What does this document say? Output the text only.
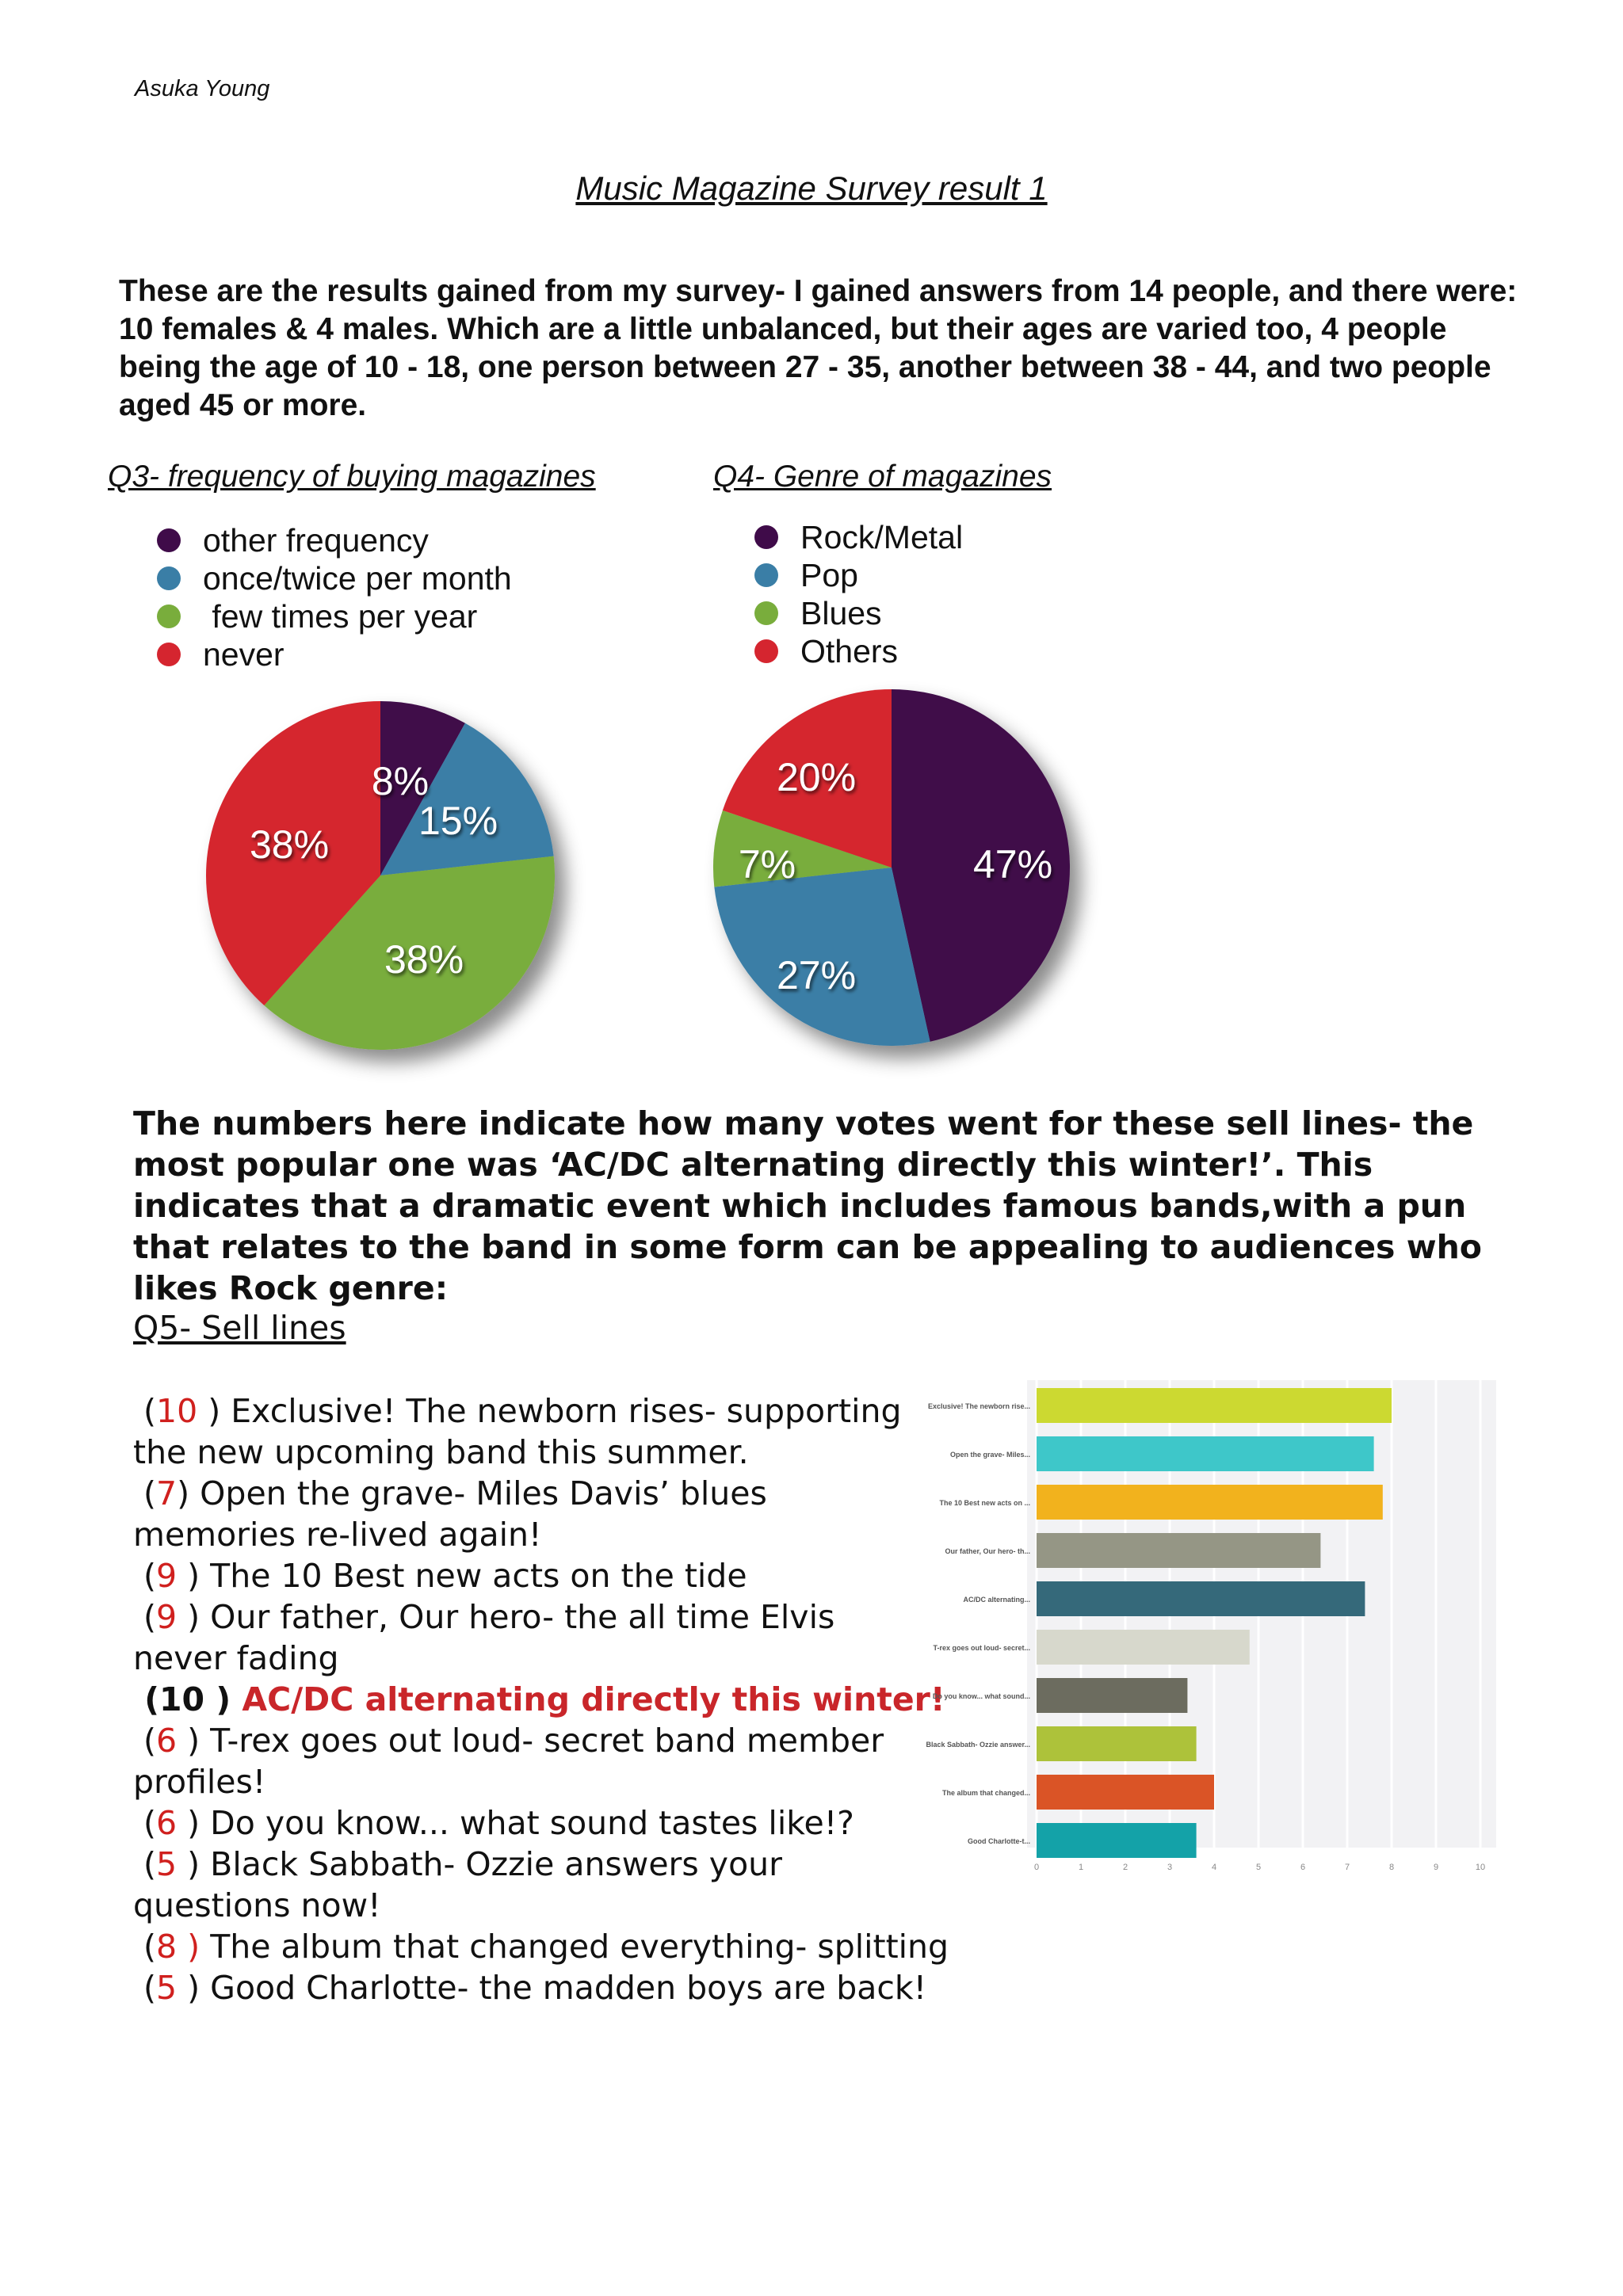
Asuka Young
Music Magazine Survey result 1
These are the results gained from my survey- I gained answers from 14 people, and there were: 10 females & 4 males. Which are a little unbalanced, but their ages are varied too, 4 people being the age of 10 - 18, one person between 27 - 35, another between 38 - 44, and two people aged 45 or more.
Q3- frequency of buying magazines
other frequency
once/twice per month
few times per year
never
Q4- Genre of magazines
Rock/Metal
Pop
Blues
Others
8%
15%
38%
38%	47%
27%
7%
20%
The numbers here indicate how many votes went for these sell lines- the most popular one was ‘AC/DC alternating directly this winter!’. This indicates that a dramatic event which includes famous bands,with a pun that relates to the band in some form can be appealing to audiences who likes Rock genre:
Q5- Sell lines
(10 ) Exclusive! The newborn rises- supporting
the new upcoming band this summer.
(7) Open the grave- Miles Davis’ blues
memories re-lived again!
(9 ) The 10 Best new acts on the tide
(9 ) Our father, Our hero- the all time Elvis
never fading
(10 ) AC/DC alternating directly this winter!
(6 ) T-rex goes out loud- secret band member
profiles!
(6 ) Do you know... what sound tastes like!?
(5 ) Black Sabbath- Ozzie answers your
questions now!
(8 ) The album that changed everything- splitting
(5 ) Good Charlotte- the madden boys are back!
0	1	2	3	4	5	6	7	8	9	10
Exclusive! The newborn rise...
Open the grave- Miles...
The 10 Best new acts on ...
Our father, Our hero- th...
AC/DC alternating...
T-rex goes out loud- secret...
Do you know... what sound...
Black Sabbath- Ozzie answer...
The album that changed...
Good Charlotte-t...
